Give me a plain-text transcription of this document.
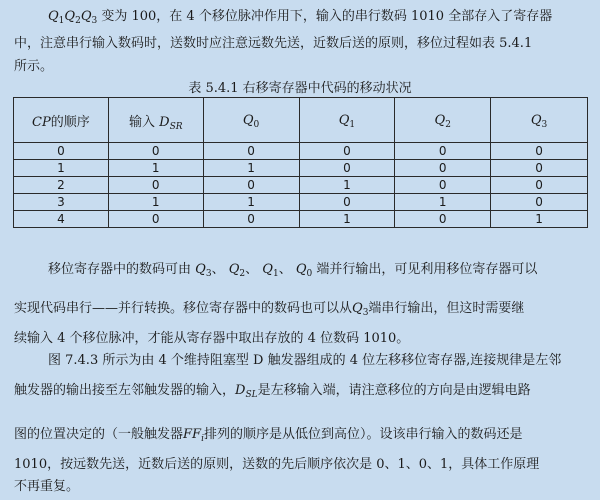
$Q_1Q_2Q_3$ 变为 100，在 4 个移位脉冲作用下，输入的串行数码 1010 全部存入了寄存器
中，注意串行输入数码时，送数时应注意远数先送，近数后送的原则，移位过程如表 5.4.1
所示。
表 5.4.1 右移寄存器中代码的移动状况
CP的顺序	输入 $D_{SR}$	$Q_0$	$Q_1$	$Q_2$	$Q_3$
0	0	0	0	0	0
1	1	1	0	0	0
2	0	0	1	0	0
3	1	1	0	1	0
4	0	0	1	0	1
移位寄存器中的数码可由 $Q_3$、 $Q_2$、 $Q_1$、 $Q_0$ 端并行输出，可见利用移位寄存器可以
实现代码串行——并行转换。移位寄存器中的数码也可以从$Q_3$端串行输出，但这时需要继
续输入 4 个移位脉冲，才能从寄存器中取出存放的 4 位数码 1010。
图 7.4.3 所示为由 4 个维持阻塞型 D 触发器组成的 4 位左移移位寄存器,连接规律是左邻
触发器的输出接至左邻触发器的输入，$D_{SL}$是左移输入端，请注意移位的方向是由逻辑电路
图的位置决定的（一般触发器$FF_i$排列的顺序是从低位到高位）。设该串行输入的数码还是
1010，按远数先送，近数后送的原则，送数的先后顺序依次是 0、1、0、1，具体工作原理
不再重复。
